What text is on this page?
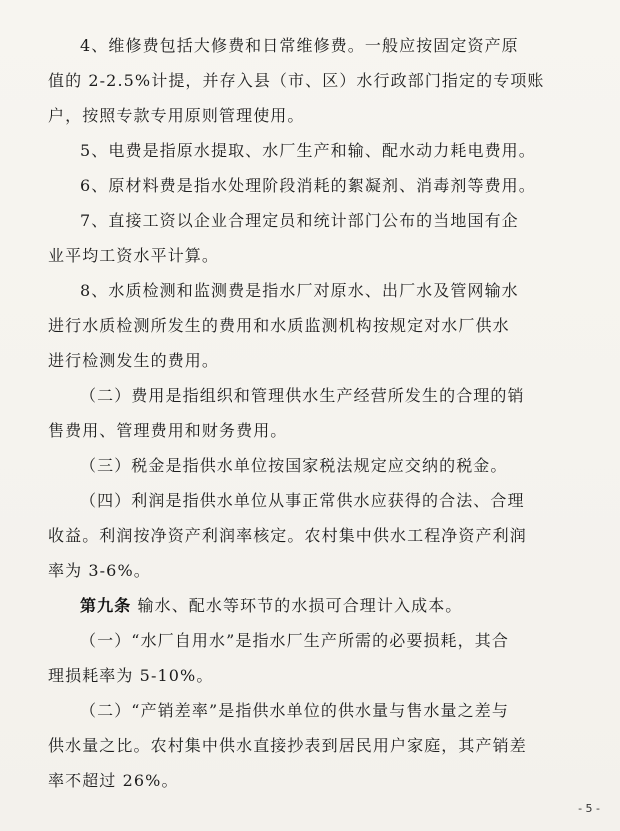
4、维修费包括大修费和日常维修费。一般应按固定资产原
值的 2-2.5%计提，并存入县（市、区）水行政部门指定的专项账
户，按照专款专用原则管理使用。
5、电费是指原水提取、水厂生产和输、配水动力耗电费用。
6、原材料费是指水处理阶段消耗的絮凝剂、消毒剂等费用。
7、直接工资以企业合理定员和统计部门公布的当地国有企
业平均工资水平计算。
8、水质检测和监测费是指水厂对原水、出厂水及管网输水
进行水质检测所发生的费用和水质监测机构按规定对水厂供水
进行检测发生的费用。
（二）费用是指组织和管理供水生产经营所发生的合理的销
售费用、管理费用和财务费用。
（三）税金是指供水单位按国家税法规定应交纳的税金。
（四）利润是指供水单位从事正常供水应获得的合法、合理
收益。利润按净资产利润率核定。农村集中供水工程净资产利润
率为 3-6%。
第九条 输水、配水等环节的水损可合理计入成本。
（一）“水厂自用水”是指水厂生产所需的必要损耗，其合
理损耗率为 5-10%。
（二）“产销差率”是指供水单位的供水量与售水量之差与
供水量之比。农村集中供水直接抄表到居民用户家庭，其产销差
率不超过 26%。
- 5 -
